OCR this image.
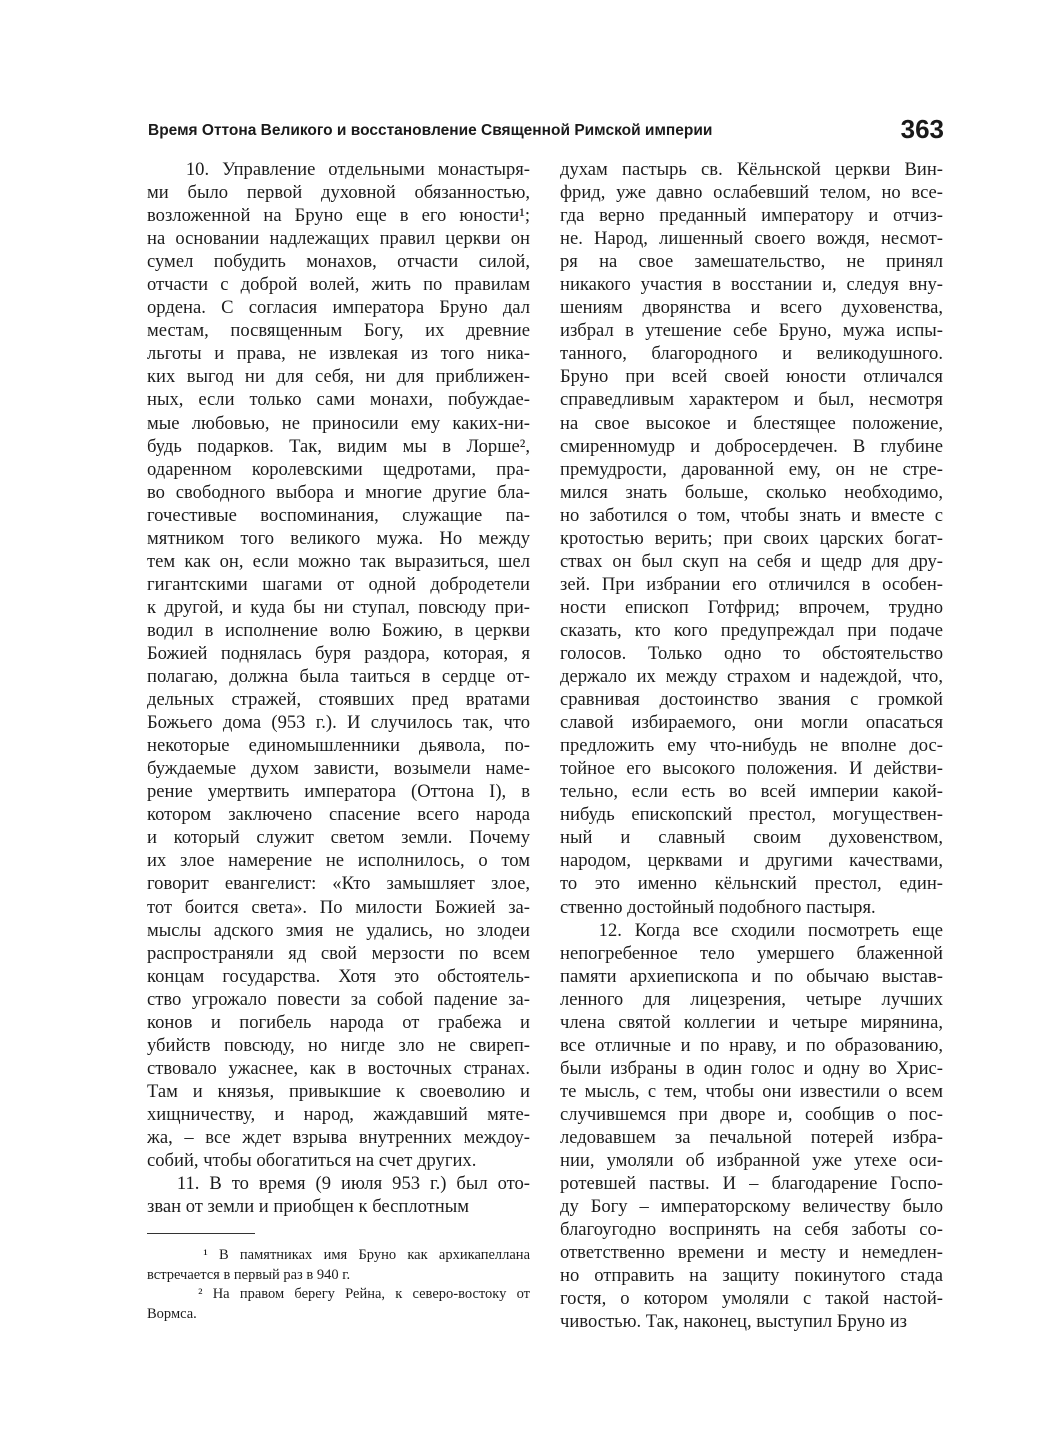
Время Оттона Великого и восстановление Священной Римской империи	363
10. Управление отдельными монастыря-
ми было первой духовной обязанностью,
возложенной на Бруно еще в его юности¹;
на основании надлежащих правил церкви он
сумел побудить монахов, отчасти силой,
отчасти с доброй волей, жить по правилам
ордена. С согласия императора Бруно дал
местам, посвященным Богу, их древние
льготы и права, не извлекая из того ника-
ких выгод ни для себя, ни для приближен-
ных, если только сами монахи, побуждае-
мые любовью, не приносили ему каких-ни-
будь подарков. Так, видим мы в Лорше²,
одаренном королевскими щедротами, пра-
во свободного выбора и многие другие бла-
гочестивые воспоминания, служащие па-
мятником того великого мужа. Но между
тем как он, если можно так выразиться, шел
гигантскими шагами от одной добродетели
к другой, и куда бы ни ступал, повсюду при-
водил в исполнение волю Божию, в церкви
Божией поднялась буря раздора, которая, я
полагаю, должна была таиться в сердце от-
дельных стражей, стоявших пред вратами
Божьего дома (953 г.). И случилось так, что
некоторые единомышленники дьявола, по-
буждаемые духом зависти, возымели наме-
рение умертвить императора (Оттона I), в
котором заключено спасение всего народа
и который служит светом земли. Почему
их злое намерение не исполнилось, о том
говорит евангелист: «Кто замышляет злое,
тот боится света». По милости Божией за-
мыслы адского змия не удались, но злодеи
распространяли яд свой мерзости по всем
концам государства. Хотя это обстоятель-
ство угрожало повести за собой падение за-
конов и погибель народа от грабежа и
убийств повсюду, но нигде зло не свиреп-
ствовало ужаснее, как в восточных странах.
Там и князья, привыкшие к своеволию и
хищничеству, и народ, жаждавший мяте-
жа, – все ждет взрыва внутренних междоу-
собий, чтобы обогатиться на счет других.
11. В то время (9 июля 953 г.) был ото-
зван от земли и приобщен к бесплотным
духам пастырь св. Кёльнской церкви Вин-
фрид, уже давно ослабевший телом, но все-
гда верно преданный императору и отчиз-
не. Народ, лишенный своего вождя, несмот-
ря на свое замешательство, не принял
никакого участия в восстании и, следуя вну-
шениям дворянства и всего духовенства,
избрал в утешение себе Бруно, мужа испы-
танного, благородного и великодушного.
Бруно при всей своей юности отличался
справедливым характером и был, несмотря
на свое высокое и блестящее положение,
смиренномудр и добросердечен. В глубине
премудрости, дарованной ему, он не стре-
мился знать больше, сколько необходимо,
но заботился о том, чтобы знать и вместе с
кротостью верить; при своих царских богат-
ствах он был скуп на себя и щедр для дру-
зей. При избрании его отличился в особен-
ности епископ Готфрид; впрочем, трудно
сказать, кто кого предупреждал при подаче
голосов. Только одно то обстоятельство
держало их между страхом и надеждой, что,
сравнивая достоинство звания с громкой
славой избираемого, они могли опасаться
предложить ему что-нибудь не вполне дос-
тойное его высокого положения. И действи-
тельно, если есть во всей империи какой-
нибудь епископский престол, могуществен-
ный и славный своим духовенством,
народом, церквами и другими качествами,
то это именно кёльнский престол, един-
ственно достойный подобного пастыря.
12. Когда все сходили посмотреть еще
непогребенное тело умершего блаженной
памяти архиепископа и по обычаю выстав-
ленного для лицезрения, четыре лучших
члена святой коллегии и четыре мирянина,
все отличные и по нраву, и по образованию,
были избраны в один голос и одну во Хрис-
те мысль, с тем, чтобы они известили о всем
случившемся при дворе и, сообщив о пос-
ледовавшем за печальной потерей избра-
нии, умоляли об избранной уже утехе оси-
ротевшей паствы. И – благодарение Госпо-
ду Богу – императорскому величеству было
благоугодно воспринять на себя заботы со-
ответственно времени и месту и немедлен-
но отправить на защиту покинутого стада
гостя, о котором умоляли с такой настой-
чивостью. Так, наконец, выступил Бруно из
¹ В памятниках имя Бруно как архикапеллана
встречается в первый раз в 940 г.
² На правом берегу Рейна, к северо-востоку от
Вормса.
